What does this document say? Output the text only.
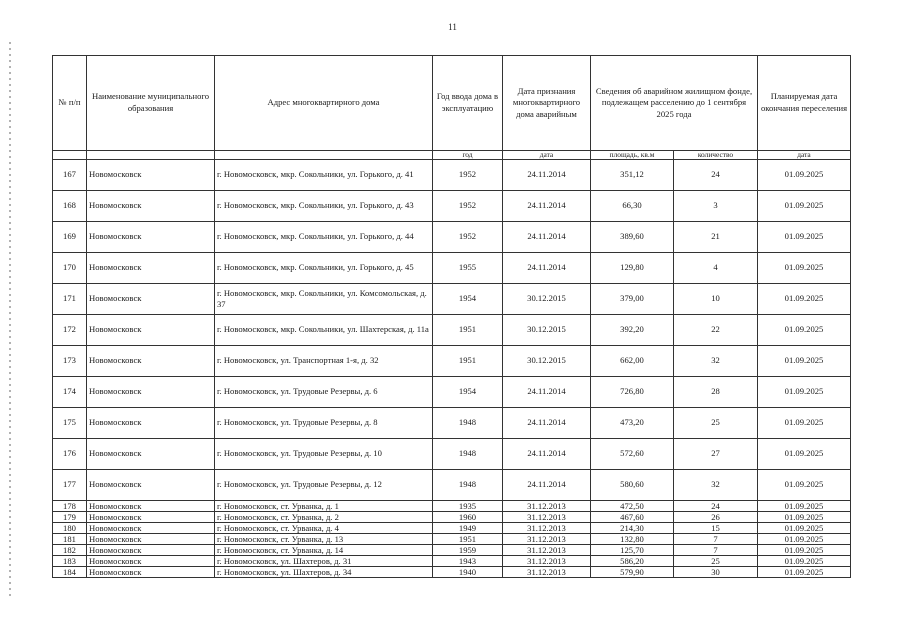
11
№ п/п	Наименование муниципального образования	Адрес многоквартирного дома	Год ввода дома в эксплуатацию	Дата признания многоквартирного дома аварийным	Сведения об аварийном жилищном фонде, подлежащем расселению до 1 сентября 2025 года		Планируемая дата окончания переселения
			год	дата	площадь, кв.м	количество	дата
167	Новомосковск	г. Новомосковск, мкр. Сокольники, ул. Горького, д. 41	1952	24.11.2014	351,12	24	01.09.2025
168	Новомосковск	г. Новомосковск, мкр. Сокольники, ул. Горького, д. 43	1952	24.11.2014	66,30	3	01.09.2025
169	Новомосковск	г. Новомосковск, мкр. Сокольники, ул. Горького, д. 44	1952	24.11.2014	389,60	21	01.09.2025
170	Новомосковск	г. Новомосковск, мкр. Сокольники, ул. Горького, д. 45	1955	24.11.2014	129,80	4	01.09.2025
171	Новомосковск	г. Новомосковск, мкр. Сокольники, ул. Комсомольская, д. 37	1954	30.12.2015	379,00	10	01.09.2025
172	Новомосковск	г. Новомосковск, мкр. Сокольники, ул. Шахтерская, д. 11а	1951	30.12.2015	392,20	22	01.09.2025
173	Новомосковск	г. Новомосковск, ул. Транспортная 1-я, д. 32	1951	30.12.2015	662,00	32	01.09.2025
174	Новомосковск	г. Новомосковск, ул. Трудовые Резервы, д. 6	1954	24.11.2014	726,80	28	01.09.2025
175	Новомосковск	г. Новомосковск, ул. Трудовые Резервы, д. 8	1948	24.11.2014	473,20	25	01.09.2025
176	Новомосковск	г. Новомосковск, ул. Трудовые Резервы, д. 10	1948	24.11.2014	572,60	27	01.09.2025
177	Новомосковск	г. Новомосковск, ул. Трудовые Резервы, д. 12	1948	24.11.2014	580,60	32	01.09.2025
178	Новомосковск	г. Новомосковск, ст. Урванка, д. 1	1935	31.12.2013	472,50	24	01.09.2025
179	Новомосковск	г. Новомосковск, ст. Урванка, д. 2	1960	31.12.2013	467,60	26	01.09.2025
180	Новомосковск	г. Новомосковск, ст. Урванка, д. 4	1949	31.12.2013	214,30	15	01.09.2025
181	Новомосковск	г. Новомосковск, ст. Урванка, д. 13	1951	31.12.2013	132,80	7	01.09.2025
182	Новомосковск	г. Новомосковск, ст. Урванка, д. 14	1959	31.12.2013	125,70	7	01.09.2025
183	Новомосковск	г. Новомосковск, ул. Шахтеров, д. 31	1943	31.12.2013	586,20	25	01.09.2025
184	Новомосковск	г. Новомосковск, ул. Шахтеров, д. 34	1940	31.12.2013	579,90	30	01.09.2025
